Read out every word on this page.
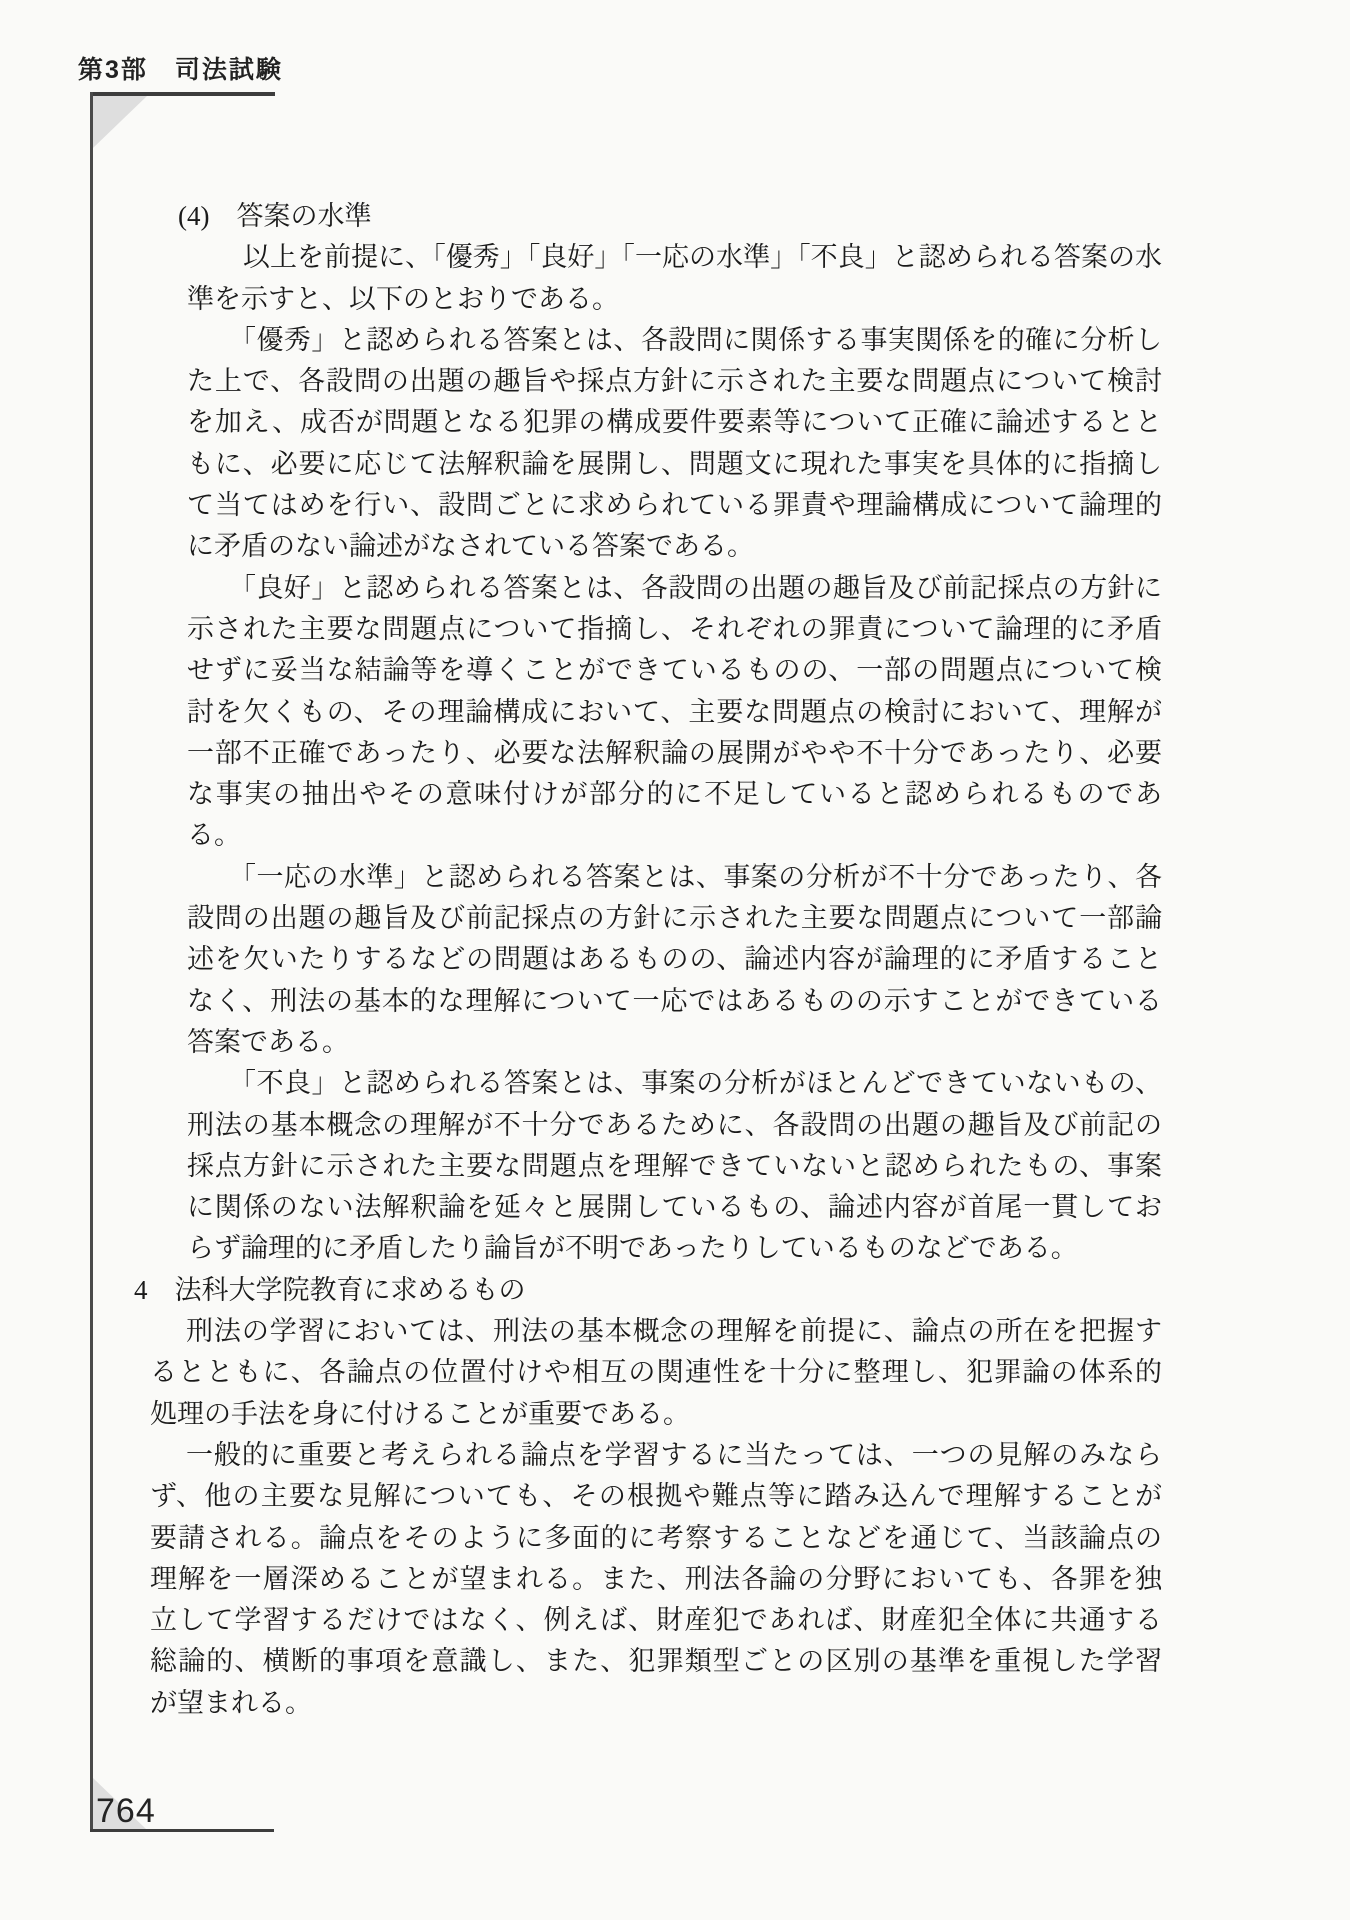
第3部　司法試験
764
(4)　答案の水準
以上を前提に、「優秀」「良好」「一応の水準」「不良」と認められる答案の水
準を示すと、以下のとおりである。
「優秀」と認められる答案とは、各設問に関係する事実関係を的確に分析し
た上で、各設問の出題の趣旨や採点方針に示された主要な問題点について検討
を加え、成否が問題となる犯罪の構成要件要素等について正確に論述するとと
もに、必要に応じて法解釈論を展開し、問題文に現れた事実を具体的に指摘し
て当てはめを行い、設問ごとに求められている罪責や理論構成について論理的
に矛盾のない論述がなされている答案である。
「良好」と認められる答案とは、各設問の出題の趣旨及び前記採点の方針に
示された主要な問題点について指摘し、それぞれの罪責について論理的に矛盾
せずに妥当な結論等を導くことができているものの、一部の問題点について検
討を欠くもの、その理論構成において、主要な問題点の検討において、理解が
一部不正確であったり、必要な法解釈論の展開がやや不十分であったり、必要
な事実の抽出やその意味付けが部分的に不足していると認められるものであ
る。
「一応の水準」と認められる答案とは、事案の分析が不十分であったり、各
設問の出題の趣旨及び前記採点の方針に示された主要な問題点について一部論
述を欠いたりするなどの問題はあるものの、論述内容が論理的に矛盾すること
なく、刑法の基本的な理解について一応ではあるものの示すことができている
答案である。
「不良」と認められる答案とは、事案の分析がほとんどできていないもの、
刑法の基本概念の理解が不十分であるために、各設問の出題の趣旨及び前記の
採点方針に示された主要な問題点を理解できていないと認められたもの、事案
に関係のない法解釈論を延々と展開しているもの、論述内容が首尾一貫してお
らず論理的に矛盾したり論旨が不明であったりしているものなどである。
4　法科大学院教育に求めるもの
刑法の学習においては、刑法の基本概念の理解を前提に、論点の所在を把握す
るとともに、各論点の位置付けや相互の関連性を十分に整理し、犯罪論の体系的
処理の手法を身に付けることが重要である。
一般的に重要と考えられる論点を学習するに当たっては、一つの見解のみなら
ず、他の主要な見解についても、その根拠や難点等に踏み込んで理解することが
要請される。論点をそのように多面的に考察することなどを通じて、当該論点の
理解を一層深めることが望まれる。また、刑法各論の分野においても、各罪を独
立して学習するだけではなく、例えば、財産犯であれば、財産犯全体に共通する
総論的、横断的事項を意識し、また、犯罪類型ごとの区別の基準を重視した学習
が望まれる。
